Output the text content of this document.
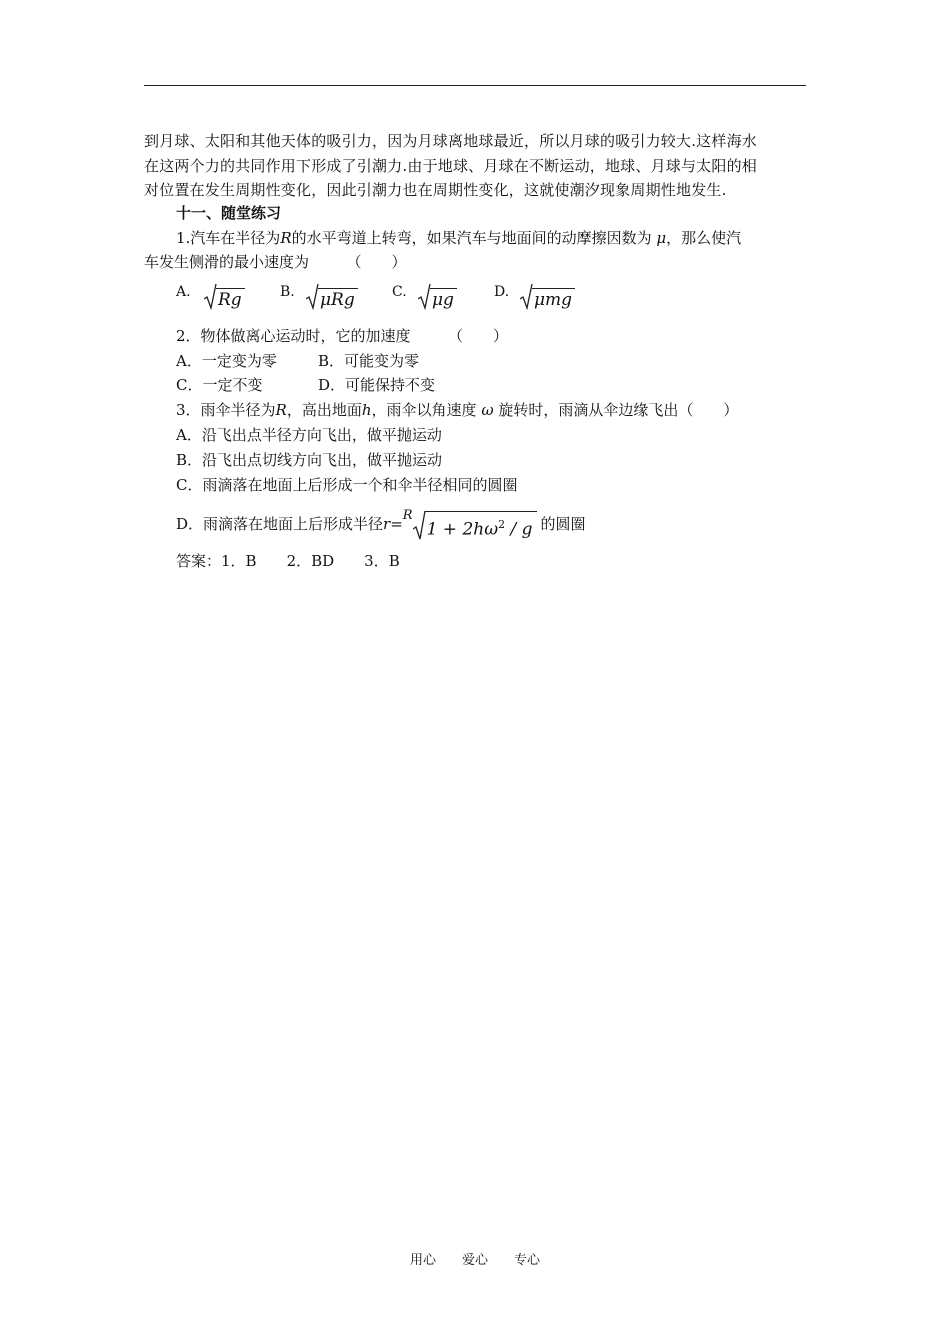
到月球、太阳和其他天体的吸引力，因为月球离地球最近，所以月球的吸引力较大.这样海水
在这两个力的共同作用下形成了引潮力.由于地球、月球在不断运动，地球、月球与太阳的相
对位置在发生周期性变化，因此引潮力也在周期性变化，这就使潮汐现象周期性地发生.
十一、随堂练习
1.汽车在半径为R的水平弯道上转弯，如果汽车与地面间的动摩擦因数为 μ，那么使汽
车发生侧滑的最小速度为　　　（　　）
A. Rg	B. μRg	C. μg	D. μmg
2．物体做离心运动时，它的加速度　　　（　　）
A．一定变为零	B．可能变为零
C．一定不变	D．可能保持不变
3．雨伞半径为R，高出地面h，雨伞以角速度 ω 旋转时，雨滴从伞边缘飞出（　　）
A．沿飞出点半径方向飞出，做平抛运动
B．沿飞出点切线方向飞出，做平抛运动
C．雨滴落在地面上后形成一个和伞半径相同的圆圈
D．雨滴落在地面上后形成半径 r = R
$1 + 2h\omega^2 / g$ 的圆圈
答案：1．B　　2．BD　　3．B
用心　　爱心　　专心
